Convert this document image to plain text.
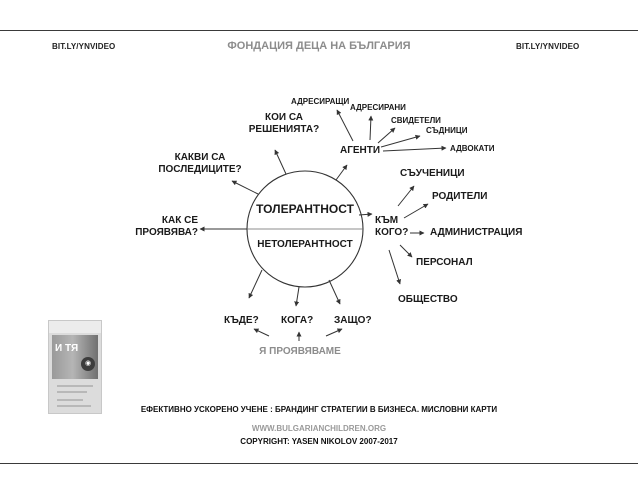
BIT.LY/YNVIDEO	ФОНДАЦИЯ ДЕЦА НА БЪЛГАРИЯ	BIT.LY/YNVIDEO
ТОЛЕРАНТНОСТ
НЕТОЛЕРАНТНОСТ
КОИ СА
РЕШЕНИЯТА?
КАКВИ СА
ПОСЛЕДИЦИТЕ?
КАК СЕ
ПРОЯВЯВА?
АГЕНТИ
АДРЕСИРАЩИ
АДРЕСИРАНИ
СВИДЕТЕЛИ
СЪДНИЦИ
АДВОКАТИ
КЪМ
КОГО?
СЪУЧЕНИЦИ
РОДИТЕЛИ
АДМИНИСТРАЦИЯ
ПЕРСОНАЛ
ОБЩЕСТВО
КЪДЕ? КОГА? ЗАЩО?
Я ПРОЯВЯВАМЕ
И ТЯ
◉
ЕФЕКТИВНО УСКОРЕНО УЧЕНЕ : БРАНДИНГ СТРАТЕГИИ В БИЗНЕСА. МИСЛОВНИ КАРТИ
WWW.BULGARIANCHILDREN.ORG
COPYRIGHT: YASEN NIKOLOV 2007-2017
